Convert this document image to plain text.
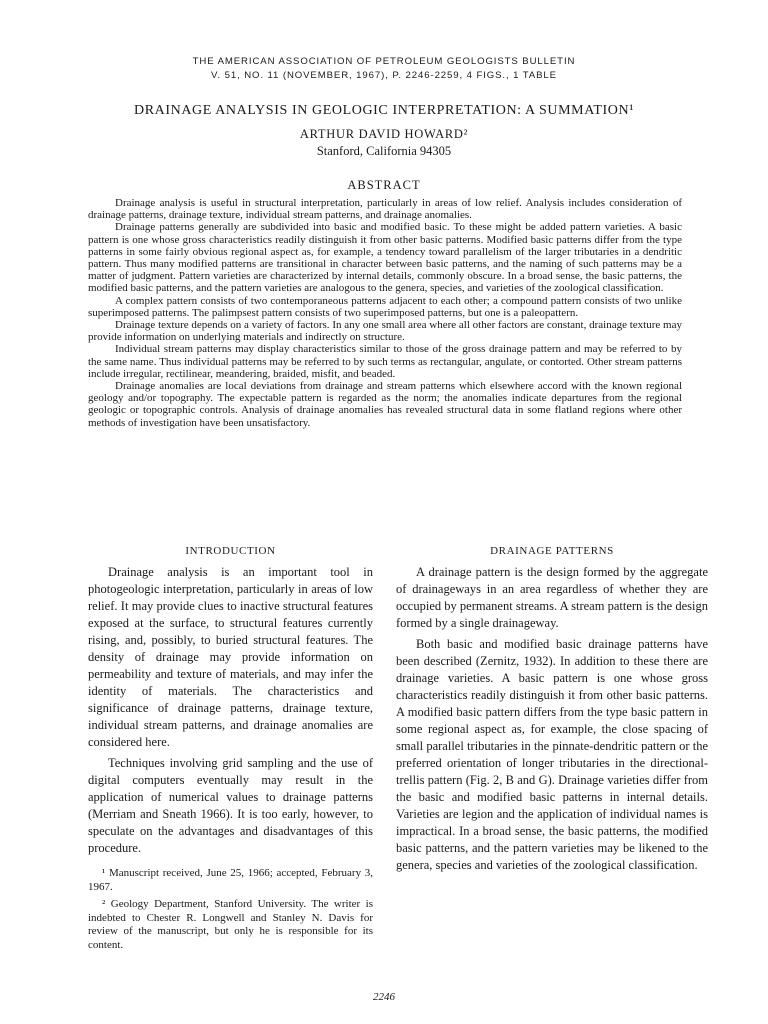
THE AMERICAN ASSOCIATION OF PETROLEUM GEOLOGISTS BULLETIN
V. 51, NO. 11 (NOVEMBER, 1967), P. 2246-2259, 4 FIGS., 1 TABLE
DRAINAGE ANALYSIS IN GEOLOGIC INTERPRETATION: A SUMMATION¹
ARTHUR DAVID HOWARD²
Stanford, California 94305
ABSTRACT

Drainage analysis is useful in structural interpretation, particularly in areas of low relief. Analysis includes consideration of drainage patterns, drainage texture, individual stream patterns, and drainage anomalies.

Drainage patterns generally are subdivided into basic and modified basic. To these might be added pattern varieties. A basic pattern is one whose gross characteristics readily distinguish it from other basic patterns. Modified basic patterns differ from the type patterns in some fairly obvious regional aspect as, for example, a tendency toward parallelism of the larger tributaries in a dendritic pattern. Thus many modified patterns are transitional in character between basic patterns, and the naming of such patterns may be a matter of judgment. Pattern varieties are characterized by internal details, commonly obscure. In a broad sense, the basic patterns, the modified basic patterns, and the pattern varieties are analogous to the genera, species, and varieties of the zoological classification.

A complex pattern consists of two contemporaneous patterns adjacent to each other; a compound pattern consists of two unlike superimposed patterns. The palimpsest pattern consists of two superimposed patterns, but one is a paleopattern.

Drainage texture depends on a variety of factors. In any one small area where all other factors are constant, drainage texture may provide information on underlying materials and indirectly on structure.

Individual stream patterns may display characteristics similar to those of the gross drainage pattern and may be referred to by the same name. Thus individual patterns may be referred to by such terms as rectangular, angulate, or contorted. Other stream patterns include irregular, rectilinear, meandering, braided, misfit, and beaded.

Drainage anomalies are local deviations from drainage and stream patterns which elsewhere accord with the known regional geology and/or topography. The expectable pattern is regarded as the norm; the anomalies indicate departures from the regional geologic or topographic controls. Analysis of drainage anomalies has revealed structural data in some flatland regions where other methods of investigation have been unsatisfactory.

INTRODUCTION

Drainage analysis is an important tool in photogeologic interpretation, particularly in areas of low relief. It may provide clues to inactive structural features exposed at the surface, to structural features currently rising, and, possibly, to buried structural features. The density of drainage may provide information on permeability and texture of materials, and may infer the identity of materials. The characteristics and significance of drainage patterns, drainage texture, individual stream patterns, and drainage anomalies are considered here.

Techniques involving grid sampling and the use of digital computers eventually may result in the application of numerical values to drainage patterns (Merriam and Sneath 1966). It is too early, however, to speculate on the advantages and disadvantages of this procedure.

¹ Manuscript received, June 25, 1966; accepted, February 3, 1967.

² Geology Department, Stanford University. The writer is indebted to Chester R. Longwell and Stanley N. Davis for review of the manuscript, but only he is responsible for its content.

DRAINAGE PATTERNS

A drainage pattern is the design formed by the aggregate of drainageways in an area regardless of whether they are occupied by permanent streams. A stream pattern is the design formed by a single drainageway.

Both basic and modified basic drainage patterns have been described (Zernitz, 1932). In addition to these there are drainage varieties. A basic pattern is one whose gross characteristics readily distinguish it from other basic patterns. A modified basic pattern differs from the type basic pattern in some regional aspect as, for example, the close spacing of small parallel tributaries in the pinnate-dendritic pattern or the preferred orientation of longer tributaries in the directional-trellis pattern (Fig. 2, B and G). Drainage varieties differ from the basic and modified basic patterns in internal details. Varieties are legion and the application of individual names is impractical. In a broad sense, the basic patterns, the modified basic patterns, and the pattern varieties may be likened to the genera, species and varieties of the zoological classification.

2246
